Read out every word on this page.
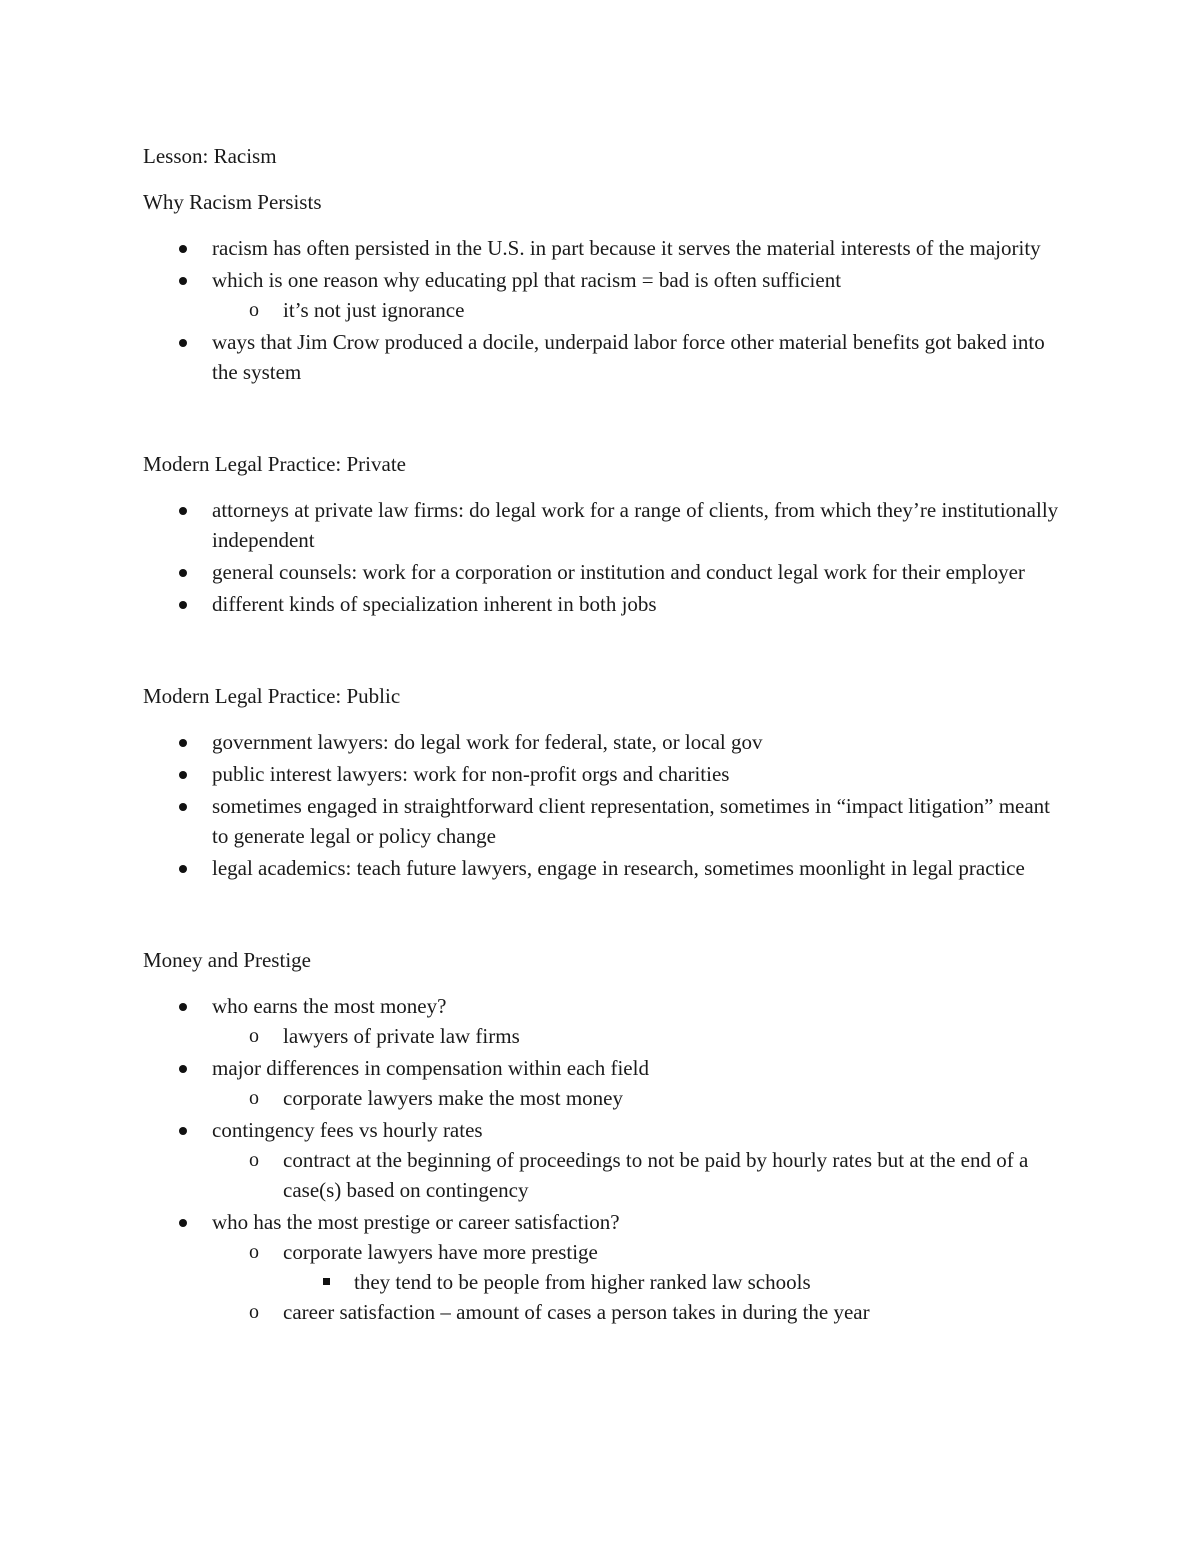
Lesson: Racism
Why Racism Persists
racism has often persisted in the U.S. in part because it serves the material interests of the majority
which is one reason why educating ppl that racism = bad is often sufficient
o it’s not just ignorance
ways that Jim Crow produced a docile, underpaid labor force other material benefits got baked into the system
Modern Legal Practice: Private
attorneys at private law firms: do legal work for a range of clients, from which they’re institutionally independent
general counsels: work for a corporation or institution and conduct legal work for their employer
different kinds of specialization inherent in both jobs
Modern Legal Practice: Public
government lawyers: do legal work for federal, state, or local gov
public interest lawyers: work for non-profit orgs and charities
sometimes engaged in straightforward client representation, sometimes in “impact litigation” meant to generate legal or policy change
legal academics: teach future lawyers, engage in research, sometimes moonlight in legal practice
Money and Prestige
who earns the most money?
o lawyers of private law firms
major differences in compensation within each field
o corporate lawyers make the most money
contingency fees vs hourly rates
o contract at the beginning of proceedings to not be paid by hourly rates but at the end of a case(s) based on contingency
who has the most prestige or career satisfaction?
o corporate lawyers have more prestige
they tend to be people from higher ranked law schools
o career satisfaction – amount of cases a person takes in during the year
